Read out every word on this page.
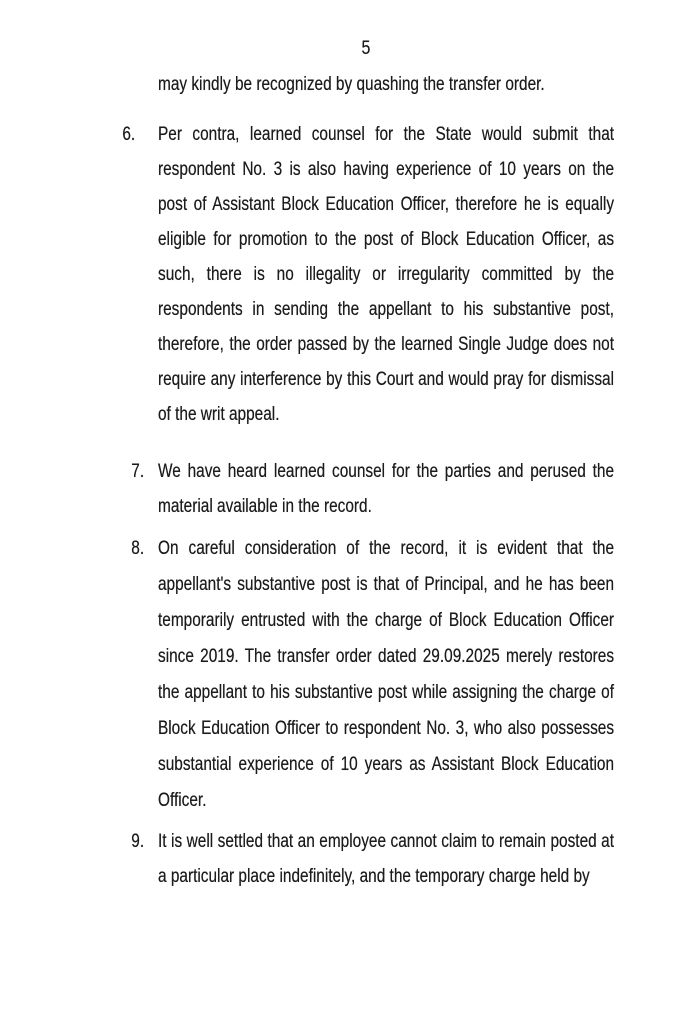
5
may kindly be recognized by quashing the transfer order.
6. Per contra, learned counsel for the State would submit that
respondent No. 3 is also having experience of 10 years on the
post of Assistant Block Education Officer, therefore he is equally
eligible for promotion to the post of Block Education Officer, as
such, there is no illegality or irregularity committed by the
respondents in sending the appellant to his substantive post,
therefore, the order passed by the learned Single Judge does not
require any interference by this Court and would pray for dismissal
of the writ appeal.
7. We have heard learned counsel for the parties and perused the
material available in the record.
8. On careful consideration of the record, it is evident that the
appellant's substantive post is that of Principal, and he has been
temporarily entrusted with the charge of Block Education Officer
since 2019. The transfer order dated 29.09.2025 merely restores
the appellant to his substantive post while assigning the charge of
Block Education Officer to respondent No. 3, who also possesses
substantial experience of 10 years as Assistant Block Education
Officer.
9. It is well settled that an employee cannot claim to remain posted at
a particular place indefinitely, and the temporary charge held by
